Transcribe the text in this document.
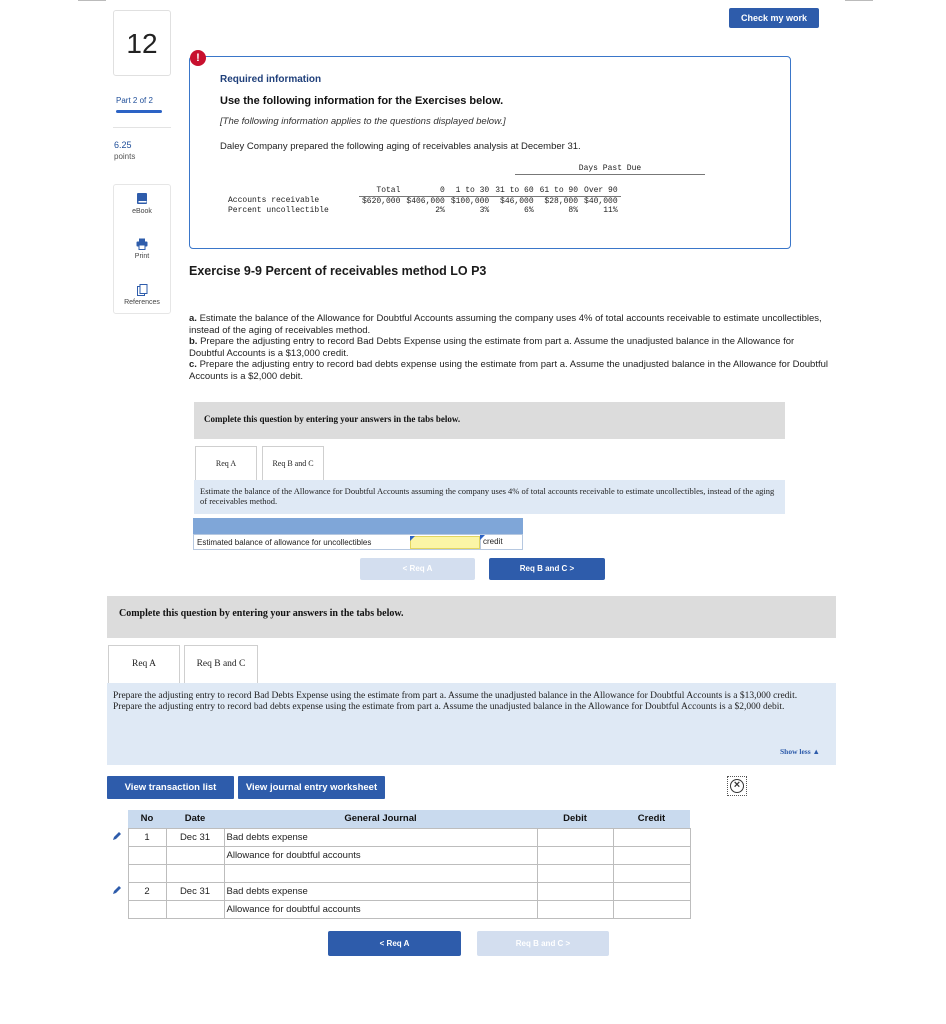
12
Part 2 of 2
6.25
points
eBook
Print
References
Check my work
!
Required information
Use the following information for the Exercises below.
[The following information applies to the questions displayed below.]
Daley Company prepared the following aging of receivables analysis at December 31.
Days Past Due
	Total	0	1 to 30	31 to 60	61 to 90	Over 90
Accounts receivable	$620,000	$406,000	$100,000	$46,000	$28,000	$40,000
Percent uncollectible		2%	3%	6%	8%	11%
Exercise 9-9 Percent of receivables method LO P3
a. Estimate the balance of the Allowance for Doubtful Accounts assuming the company uses 4% of total accounts receivable to estimate uncollectibles, instead of the aging of receivables method.
b. Prepare the adjusting entry to record Bad Debts Expense using the estimate from part a. Assume the unadjusted balance in the Allowance for Doubtful Accounts is a $13,000 credit.
c. Prepare the adjusting entry to record bad debts expense using the estimate from part a. Assume the unadjusted balance in the Allowance for Doubtful Accounts is a $2,000 debit.
Complete this question by entering your answers in the tabs below.
Req A	Req B and C
Estimate the balance of the Allowance for Doubtful Accounts assuming the company uses 4% of total accounts receivable to estimate uncollectibles, instead of the aging of receivables method.
Estimated balance of allowance for uncollectibles	credit
< Req A	Req B and C >
Complete this question by entering your answers in the tabs below.
Req A	Req B and C
Prepare the adjusting entry to record Bad Debts Expense using the estimate from part a. Assume the unadjusted balance in the Allowance for Doubtful Accounts is a $13,000 credit.
Prepare the adjusting entry to record bad debts expense using the estimate from part a. Assume the unadjusted balance in the Allowance for Doubtful Accounts is a $2,000 debit.
Show less ▲
View transaction list	View journal entry worksheet	×
	No	Date	General Journal	Debit	Credit
	1	Dec 31	Bad debts expense		
			Allowance for doubtful accounts		

	2	Dec 31	Bad debts expense		
			Allowance for doubtful accounts		
< Req A	Req B and C >
